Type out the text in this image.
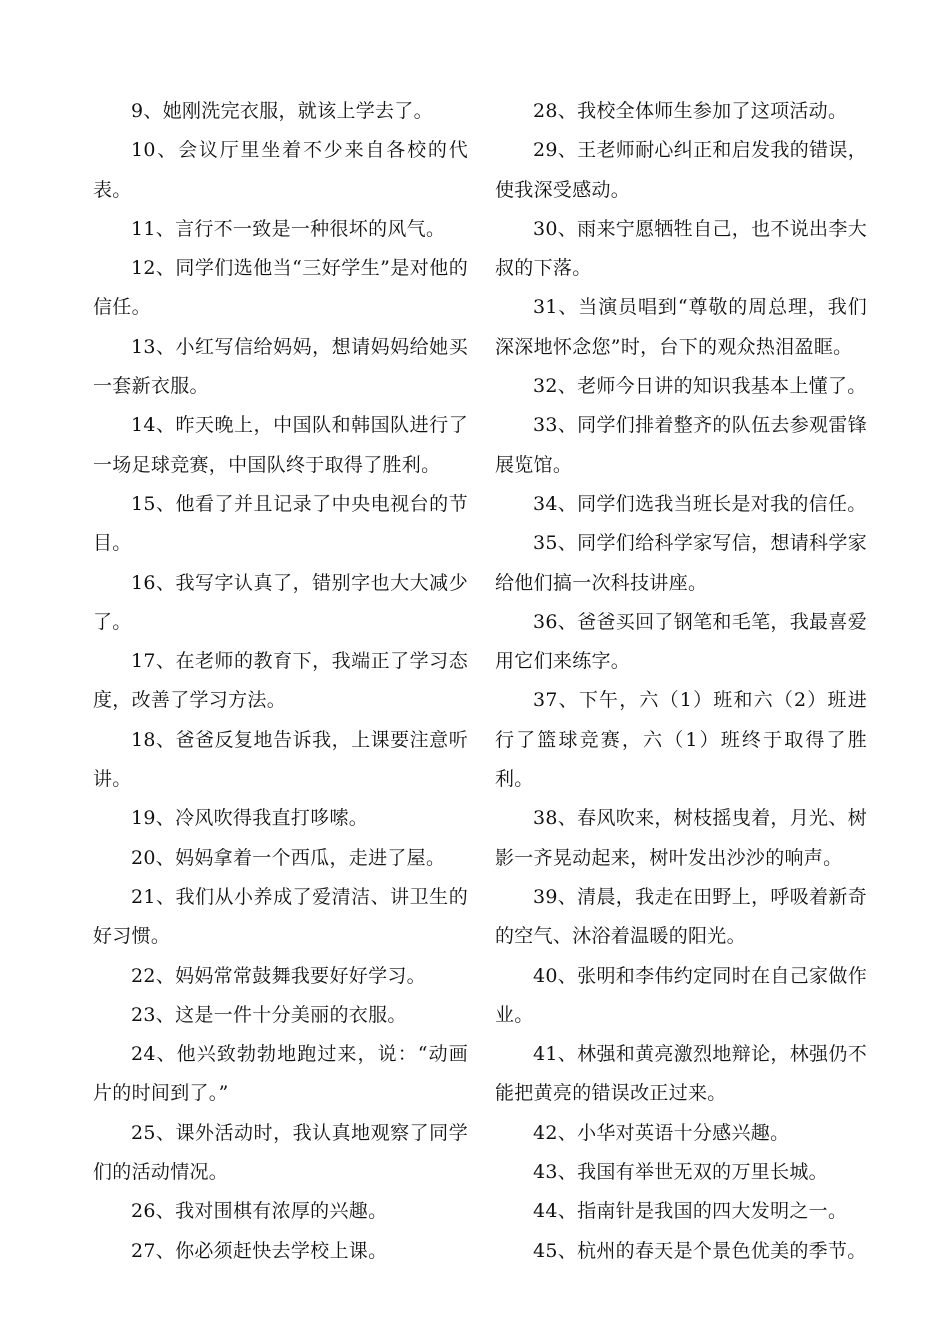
9、她刚洗完衣服，就该上学去了。

10、会议厅里坐着不少来自各校的代表。

11、言行不一致是一种很坏的风气。

12、同学们选他当“三好学生”是对他的信任。

13、小红写信给妈妈，想请妈妈给她买一套新衣服。

14、昨天晚上，中国队和韩国队进行了一场足球竞赛，中国队终于取得了胜利。

15、他看了并且记录了中央电视台的节目。

16、我写字认真了，错别字也大大减少了。

17、在老师的教育下，我端正了学习态度，改善了学习方法。

18、爸爸反复地告诉我，上课要注意听讲。

19、冷风吹得我直打哆嗦。

20、妈妈拿着一个西瓜，走进了屋。

21、我们从小养成了爱清洁、讲卫生的好习惯。

22、妈妈常常鼓舞我要好好学习。

23、这是一件十分美丽的衣服。

24、他兴致勃勃地跑过来，说：“动画片的时间到了。”

25、课外活动时，我认真地观察了同学们的活动情况。

26、我对围棋有浓厚的兴趣。

27、你必须赶快去学校上课。

28、我校全体师生参加了这项活动。

29、王老师耐心纠正和启发我的错误，使我深受感动。

30、雨来宁愿牺牲自己，也不说出李大叔的下落。

31、当演员唱到“尊敬的周总理，我们深深地怀念您”时，台下的观众热泪盈眶。

32、老师今日讲的知识我基本上懂了。

33、同学们排着整齐的队伍去参观雷锋展览馆。

34、同学们选我当班长是对我的信任。

35、同学们给科学家写信，想请科学家给他们搞一次科技讲座。

36、爸爸买回了钢笔和毛笔，我最喜爱用它们来练字。

37、下午，六（1）班和六（2）班进行了篮球竞赛，六（1）班终于取得了胜利。

38、春风吹来，树枝摇曳着，月光、树影一齐晃动起来，树叶发出沙沙的响声。

39、清晨，我走在田野上，呼吸着新奇的空气、沐浴着温暖的阳光。

40、张明和李伟约定同时在自己家做作业。

41、林强和黄亮激烈地辩论，林强仍不能把黄亮的错误改正过来。

42、小华对英语十分感兴趣。

43、我国有举世无双的万里长城。

44、指南针是我国的四大发明之一。

45、杭州的春天是个景色优美的季节。
